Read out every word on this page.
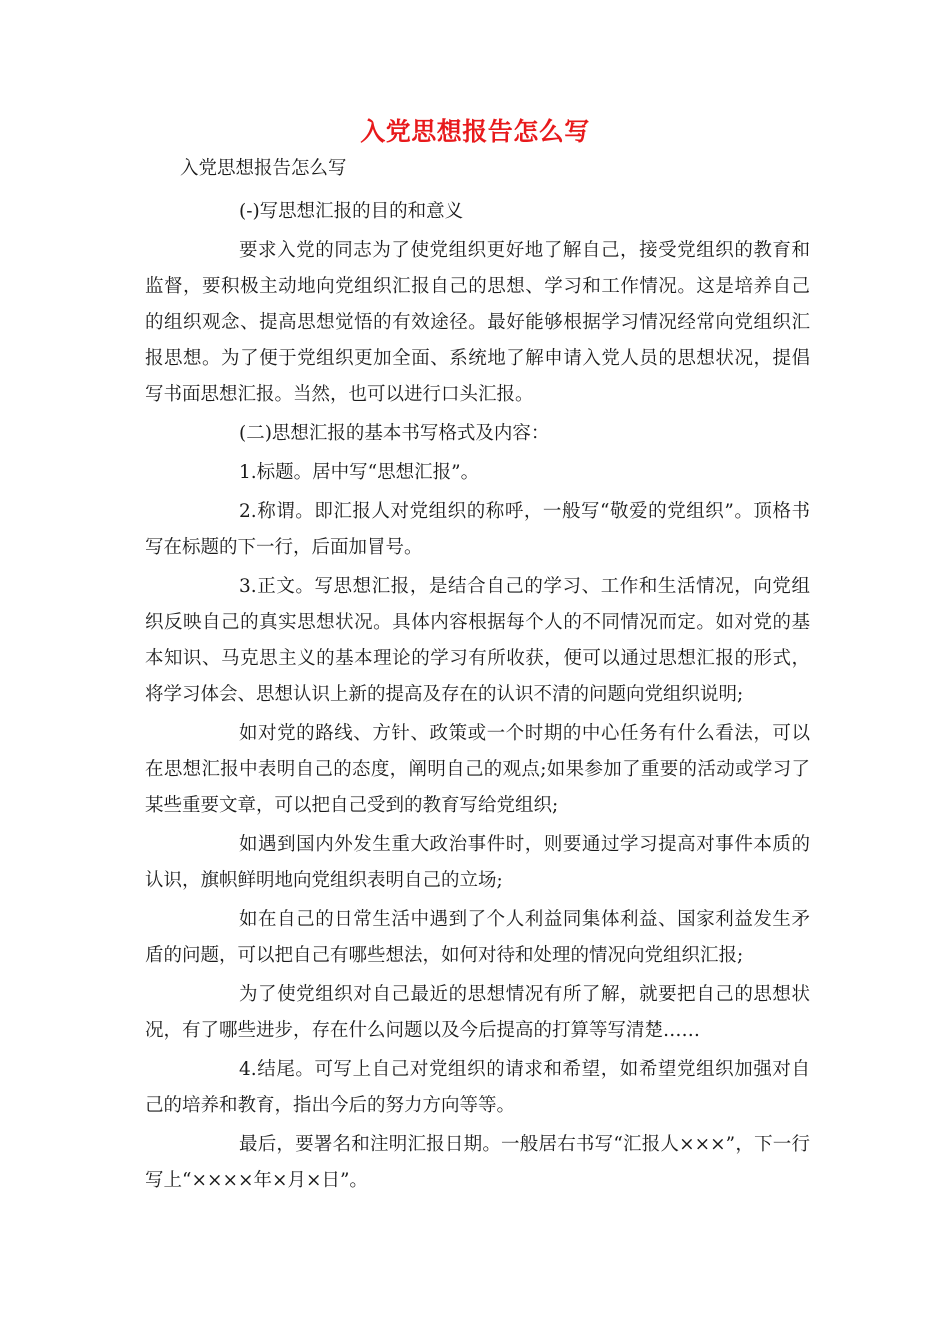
入党思想报告怎么写
入党思想报告怎么写

(-)写思想汇报的目的和意义

要求入党的同志为了使党组织更好地了解自己，接受党组织的教育和监督，要积极主动地向党组织汇报自己的思想、学习和工作情况。这是培养自己的组织观念、提高思想觉悟的有效途径。最好能够根据学习情况经常向党组织汇报思想。为了便于党组织更加全面、系统地了解申请入党人员的思想状况，提倡写书面思想汇报。当然，也可以进行口头汇报。

(二)思想汇报的基本书写格式及内容：

1.标题。居中写“思想汇报”。

2.称谓。即汇报人对党组织的称呼，一般写“敬爱的党组织”。顶格书写在标题的下一行，后面加冒号。

3.正文。写思想汇报，是结合自己的学习、工作和生活情况，向党组织反映自己的真实思想状况。具体内容根据每个人的不同情况而定。如对党的基本知识、马克思主义的基本理论的学习有所收获，便可以通过思想汇报的形式，将学习体会、思想认识上新的提高及存在的认识不清的问题向党组织说明;

如对党的路线、方针、政策或一个时期的中心任务有什么看法，可以在思想汇报中表明自己的态度，阐明自己的观点;如果参加了重要的活动或学习了某些重要文章，可以把自己受到的教育写给党组织;

如遇到国内外发生重大政治事件时，则要通过学习提高对事件本质的认识，旗帜鲜明地向党组织表明自己的立场;

如在自己的日常生活中遇到了个人利益同集体利益、国家利益发生矛盾的问题，可以把自己有哪些想法，如何对待和处理的情况向党组织汇报;

为了使党组织对自己最近的思想情况有所了解，就要把自己的思想状况，有了哪些进步，存在什么问题以及今后提高的打算等写清楚……

4.结尾。可写上自己对党组织的请求和希望，如希望党组织加强对自己的培养和教育，指出今后的努力方向等等。

最后，要署名和注明汇报日期。一般居右书写“汇报人×××”，下一行写上“××××年×月×日”。
